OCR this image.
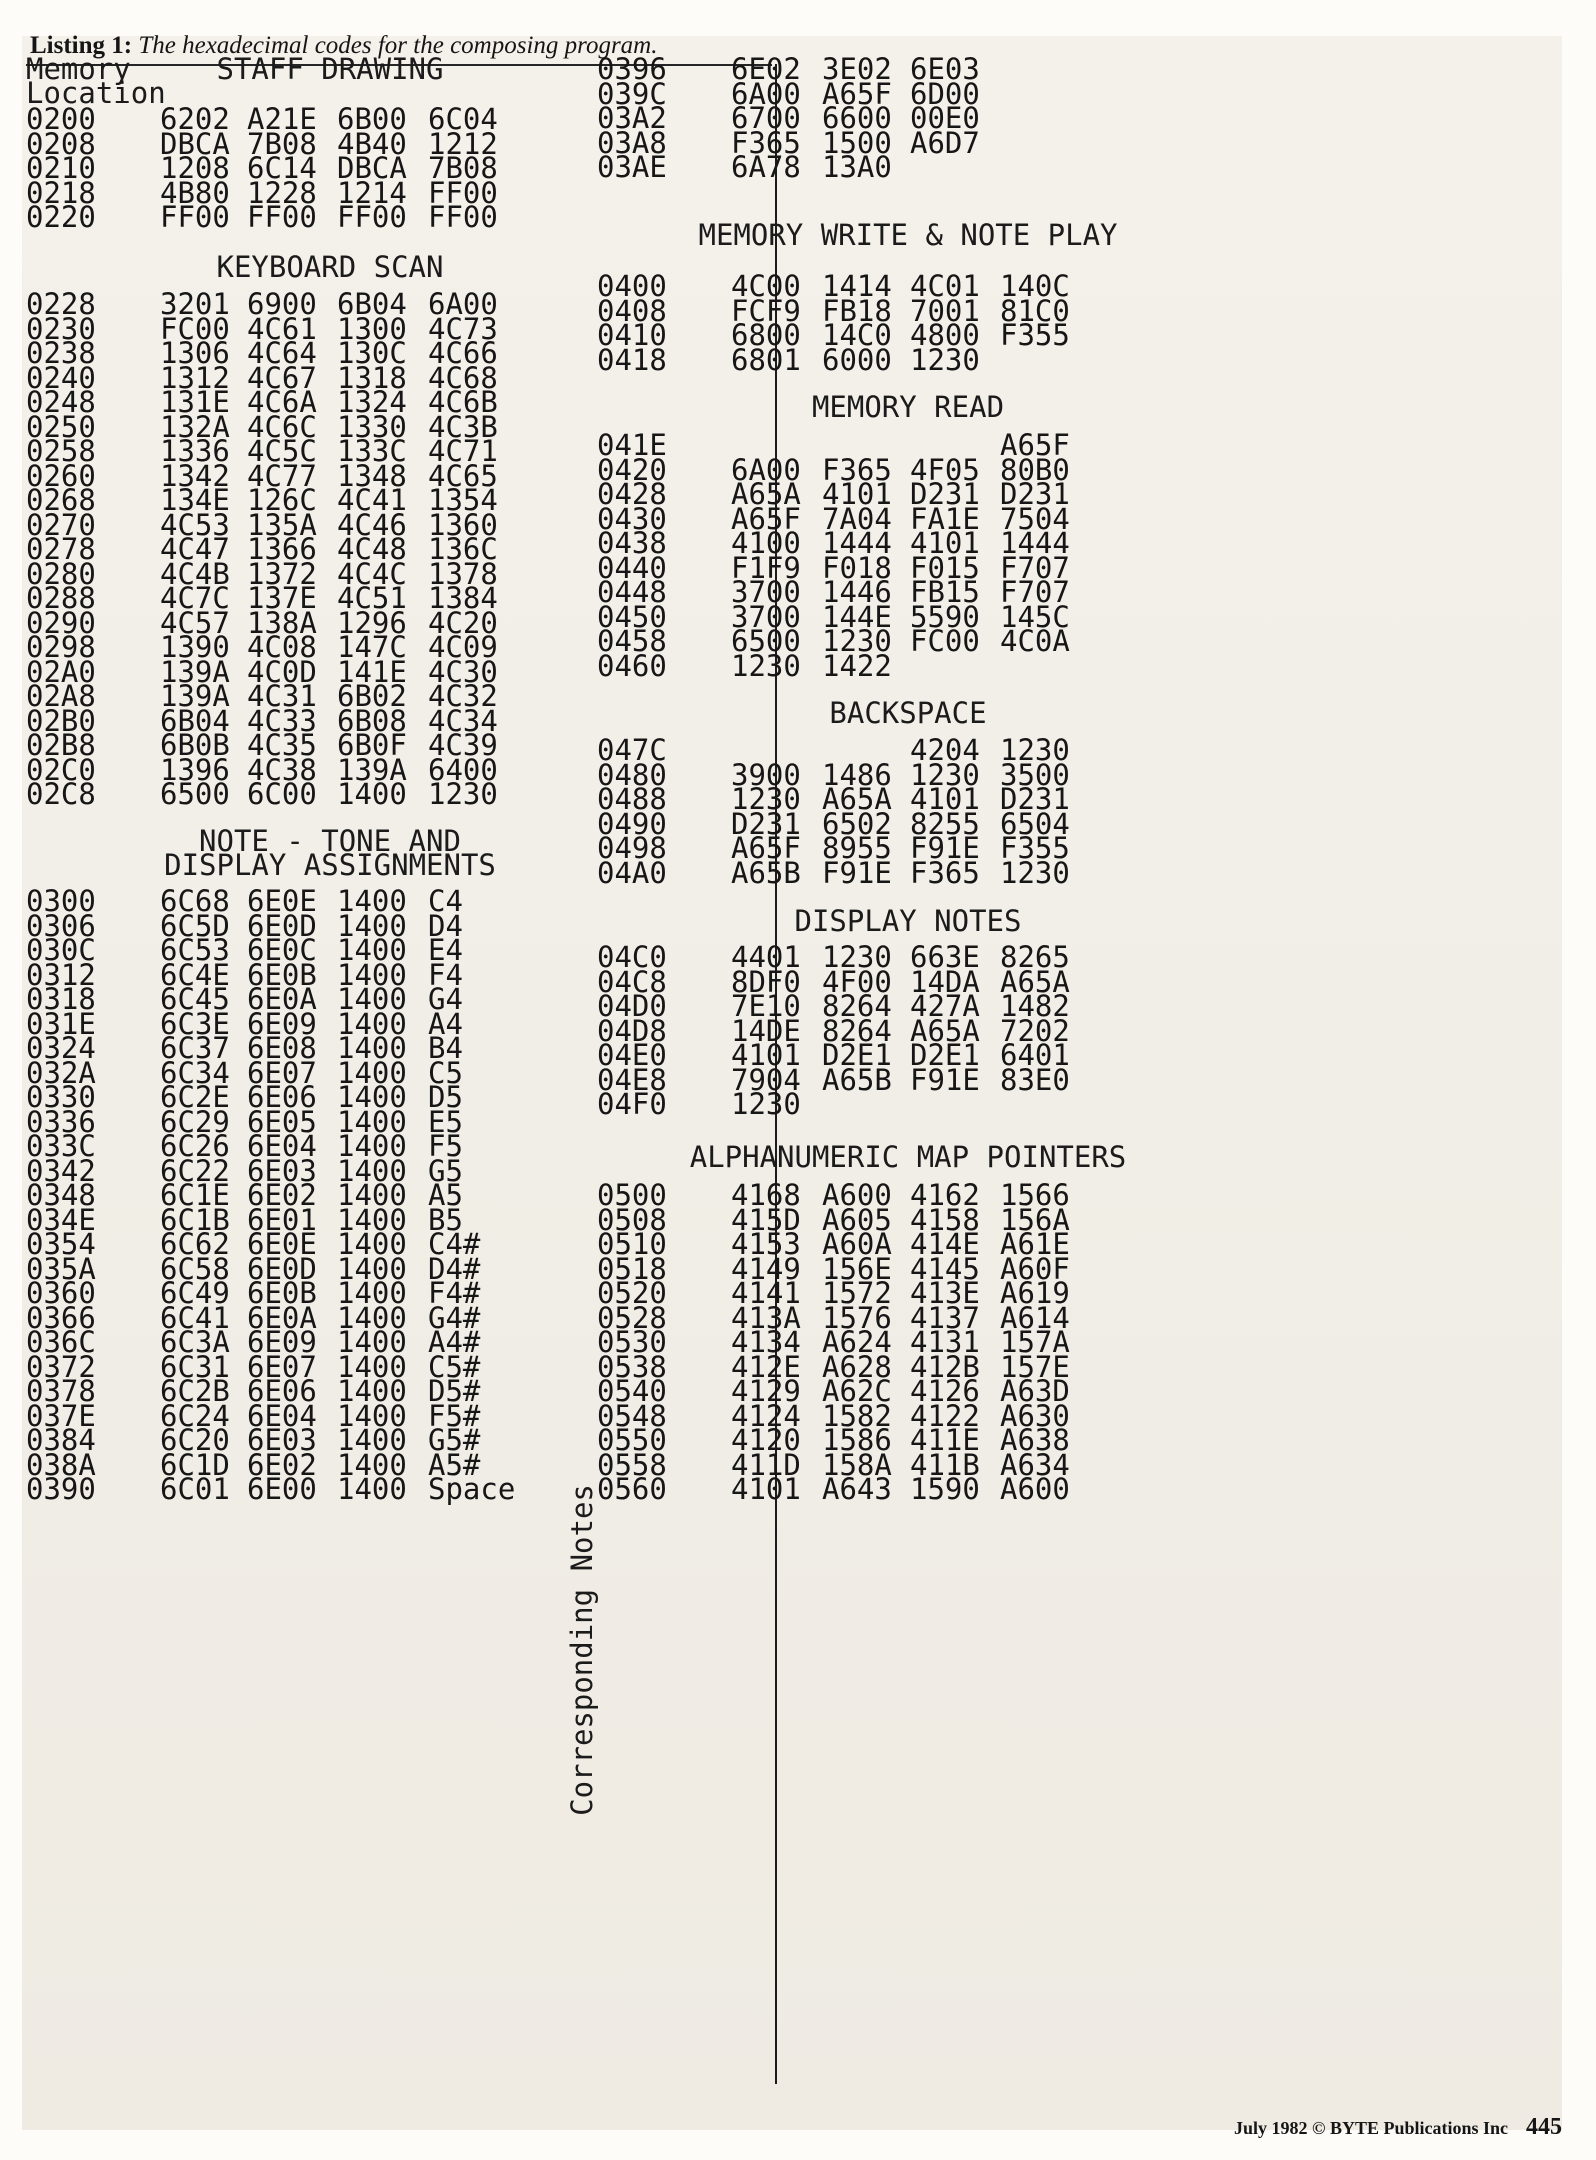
Listing 1: The hexadecimal codes for the composing program.
Memory
Location
STAFF DRAWING
0200 6202 A21E 6B00 6C04
0208 DBCA 7B08 4B40 1212
0210 1208 6C14 DBCA 7B08
0218 4B80 1228 1214 FF00
0220 FF00 FF00 FF00 FF00
KEYBOARD SCAN
0228 3201 6900 6B04 6A00
0230 FC00 4C61 1300 4C73
0238 1306 4C64 130C 4C66
0240 1312 4C67 1318 4C68
0248 131E 4C6A 1324 4C6B
0250 132A 4C6C 1330 4C3B
0258 1336 4C5C 133C 4C71
0260 1342 4C77 1348 4C65
0268 134E 126C 4C41 1354
0270 4C53 135A 4C46 1360
0278 4C47 1366 4C48 136C
0280 4C4B 1372 4C4C 1378
0288 4C7C 137E 4C51 1384
0290 4C57 138A 1296 4C20
0298 1390 4C08 147C 4C09
02A0 139A 4C0D 141E 4C30
02A8 139A 4C31 6B02 4C32
02B0 6B04 4C33 6B08 4C34
02B8 6B0B 4C35 6B0F 4C39
02C0 1396 4C38 139A 6400
02C8 6500 6C00 1400 1230
NOTE - TONE AND
DISPLAY ASSIGNMENTS
0300 6C68 6E0E 1400 C4
0306 6C5D 6E0D 1400 D4
030C 6C53 6E0C 1400 E4
0312 6C4E 6E0B 1400 F4
0318 6C45 6E0A 1400 G4
031E 6C3E 6E09 1400 A4
0324 6C37 6E08 1400 B4
032A 6C34 6E07 1400 C5
0330 6C2E 6E06 1400 D5
0336 6C29 6E05 1400 E5
033C 6C26 6E04 1400 F5
0342 6C22 6E03 1400 G5
0348 6C1E 6E02 1400 A5
034E 6C1B 6E01 1400 B5
0354 6C62 6E0E 1400 C4#
035A 6C58 6E0D 1400 D4#
0360 6C49 6E0B 1400 F4#
0366 6C41 6E0A 1400 G4#
036C 6C3A 6E09 1400 A4#
0372 6C31 6E07 1400 C5#
0378 6C2B 6E06 1400 D5#
037E 6C24 6E04 1400 F5#
0384 6C20 6E03 1400 G5#
038A 6C1D 6E02 1400 A5#
0390 6C01 6E00 1400 Space
0396 6E02 3E02 6E03
039C 6A00 A65F 6D00
03A2 6700 6600 00E0
03A8 F365 1500 A6D7
03AE 6A78 13A0
MEMORY WRITE & NOTE PLAY
0400 4C00 1414 4C01 140C
0408 FCF9 FB18 7001 81C0
0410 6800 14C0 4800 F355
0418 6801 6000 1230
MEMORY READ
041E	A65F
0420 6A00 F365 4F05 80B0
0428 A65A 4101 D231 D231
0430 A65F 7A04 FA1E 7504
0438 4100 1444 4101 1444
0440 F1F9 F018 F015 F707
0448 3700 1446 FB15 F707
0450 3700 144E 5590 145C
0458 6500 1230 FC00 4C0A
0460 1230 1422
BACKSPACE
047C	4204 1230
0480 3900 1486 1230 3500
0488 1230 A65A 4101 D231
0490 D231 6502 8255 6504
0498 A65F 8955 F91E F355
04A0 A65B F91E F365 1230
DISPLAY NOTES
04C0 4401 1230 663E 8265
04C8 8DF0 4F00 14DA A65A
04D0 7E10 8264 427A 1482
04D8 14DE 8264 A65A 7202
04E0 4101 D2E1 D2E1 6401
04E8 7904 A65B F91E 83E0
04F0 1230
ALPHANUMERIC MAP POINTERS
0500 4168 A600 4162 1566
0508 415D A605 4158 156A
0510 4153 A60A 414E A61E
0518 4149 156E 4145 A60F
0520 4141 1572 413E A619
0528 413A 1576 4137 A614
0530 4134 A624 4131 157A
0538 412E A628 412B 157E
0540 4129 A62C 4126 A63D
0548 4124 1582 4122 A630
0550 4120 1586 411E A638
0558 411D 158A 411B A634
0560 4101 A643 1590 A600
Corresponding Notes
July 1982 © BYTE Publications Inc 445
